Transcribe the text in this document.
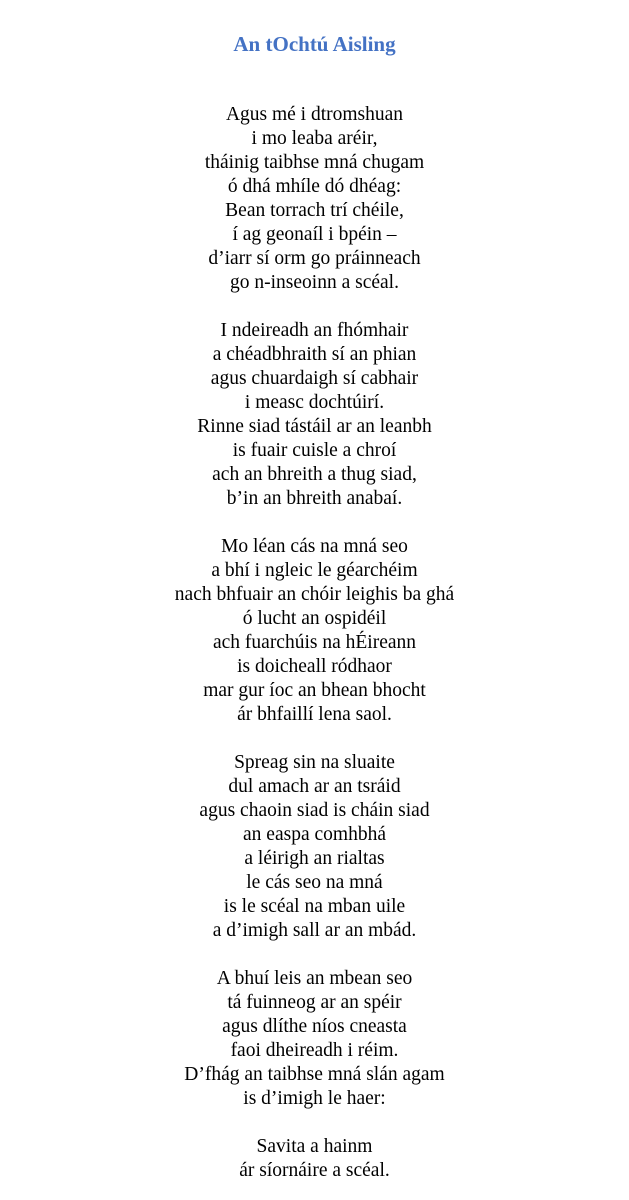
An tOchtú Aisling
Agus mé i dtromshuan
i mo leaba aréir,
tháinig taibhse mná chugam
ó dhá mhíle dó dhéag:
Bean torrach trí chéile,
í ag geonaíl i bpéin –
d’iarr sí orm go práinneach
go n-inseoinn a scéal.
I ndeireadh an fhómhair
a chéadbhraith sí an phian
agus chuardaigh sí cabhair
i measc dochtúirí.
Rinne siad tástáil ar an leanbh
is fuair cuisle a chroí
ach an bhreith a thug siad,
b’in an bhreith anabaí.
Mo léan cás na mná seo
a bhí i ngleic le géarchéim
nach bhfuair an chóir leighis ba ghá
ó lucht an ospidéil
ach fuarchúis na hÉireann
is doicheall ródhaor
mar gur íoc an bhean bhocht
ár bhfaillí lena saol.
Spreag sin na sluaite
dul amach ar an tsráid
agus chaoin siad is cháin siad
an easpa comhbhá
a léirigh an rialtas
le cás seo na mná
is le scéal na mban uile
a d’imigh sall ar an mbád.
A bhuí leis an mbean seo
tá fuinneog ar an spéir
agus dlíthe níos cneasta
faoi dheireadh i réim.
D’fhág an taibhse mná slán agam
is d’imigh le haer:
Savita a hainm
ár síornáire a scéal.
